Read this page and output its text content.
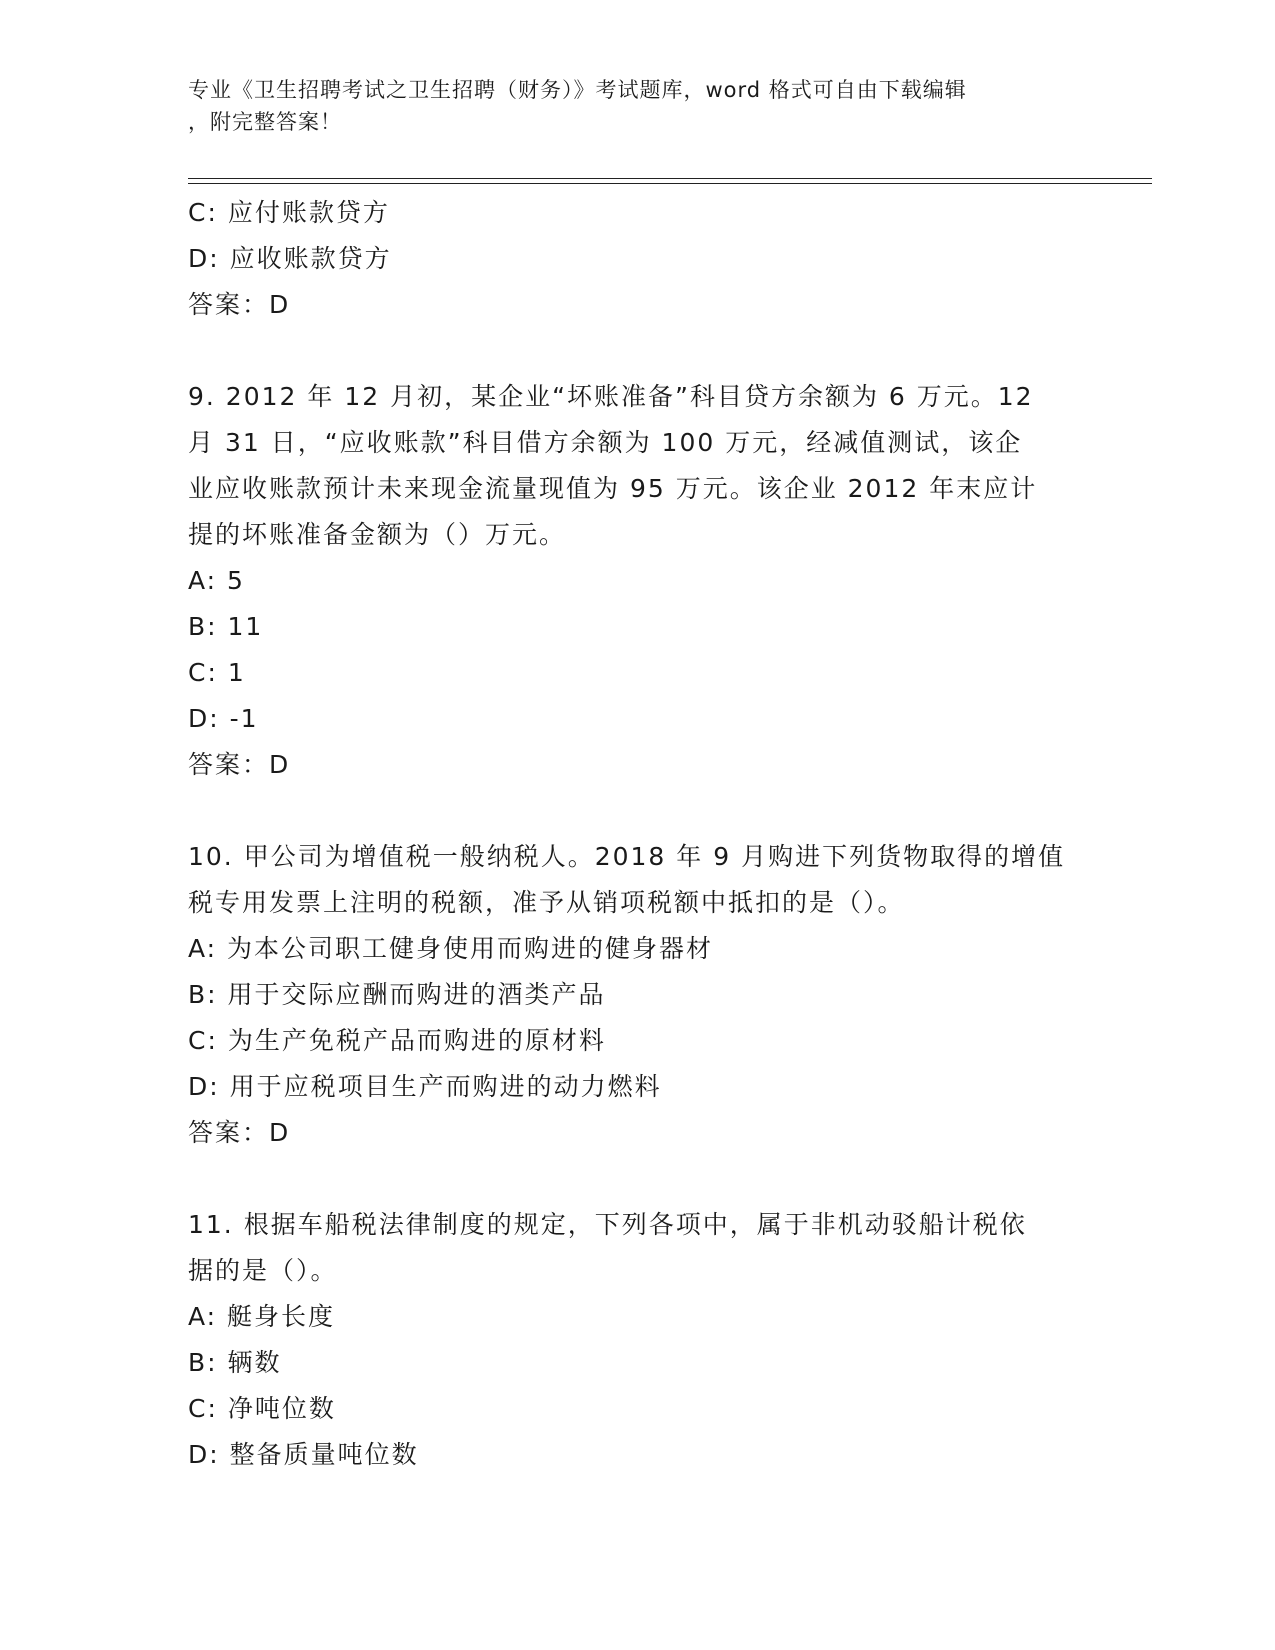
专业《卫生招聘考试之卫生招聘（财务）》考试题库，word 格式可自由下载编辑
，附完整答案！
C: 应付账款贷方
D: 应收账款贷方
答案：D
9. 2012 年 12 月初，某企业“坏账准备”科目贷方余额为 6 万元。12
月 31 日，“应收账款”科目借方余额为 100 万元，经减值测试，该企
业应收账款预计未来现金流量现值为 95 万元。该企业 2012 年末应计
提的坏账准备金额为（）万元。
A: 5
B: 11
C: 1
D: -1
答案：D
10. 甲公司为增值税一般纳税人。2018 年 9 月购进下列货物取得的增值
税专用发票上注明的税额，准予从销项税额中抵扣的是（）。
A: 为本公司职工健身使用而购进的健身器材
B: 用于交际应酬而购进的酒类产品
C: 为生产免税产品而购进的原材料
D: 用于应税项目生产而购进的动力燃料
答案：D
11. 根据车船税法律制度的规定，下列各项中，属于非机动驳船计税依
据的是（）。
A: 艇身长度
B: 辆数
C: 净吨位数
D: 整备质量吨位数
